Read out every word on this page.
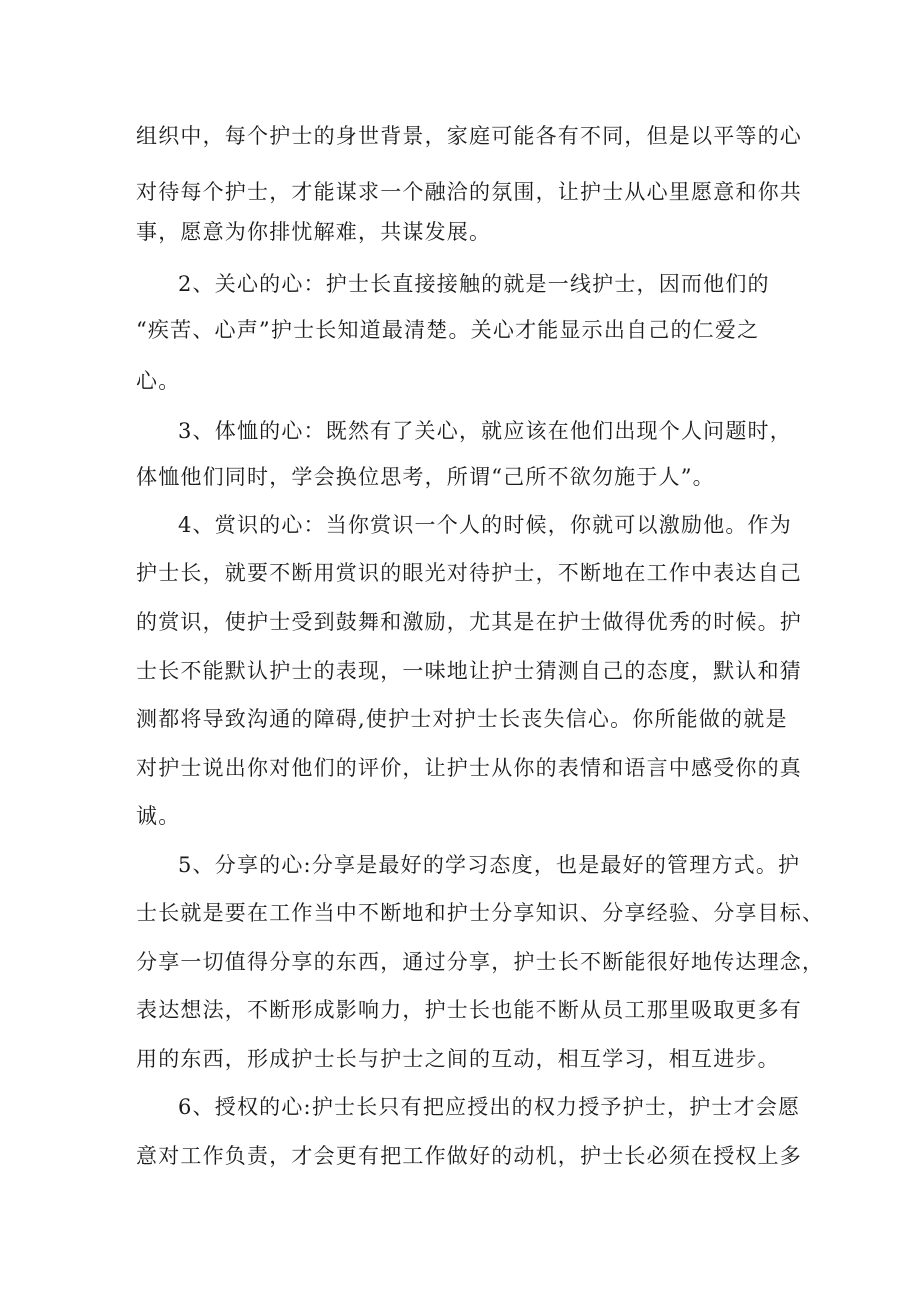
组织中，每个护士的身世背景，家庭可能各有不同，但是以平等的心
对待每个护士，才能谋求一个融洽的氛围，让护士从心里愿意和你共
事，愿意为你排忧解难，共谋发展。
2、关心的心：护士长直接接触的就是一线护士，因而他们的
“疾苦、心声”护士长知道最清楚。关心才能显示出自己的仁爱之
心。
3、体恤的心：既然有了关心，就应该在他们出现个人问题时，
体恤他们同时，学会换位思考，所谓“己所不欲勿施于人”。
4、赏识的心：当你赏识一个人的时候，你就可以激励他。作为
护士长，就要不断用赏识的眼光对待护士，不断地在工作中表达自己
的赏识，使护士受到鼓舞和激励，尤其是在护士做得优秀的时候。护
士长不能默认护士的表现，一味地让护士猜测自己的态度，默认和猜
测都将导致沟通的障碍,使护士对护士长丧失信心。你所能做的就是
对护士说出你对他们的评价，让护士从你的表情和语言中感受你的真
诚。
5、分享的心:分享是最好的学习态度，也是最好的管理方式。护
士长就是要在工作当中不断地和护士分享知识、分享经验、分享目标、
分享一切值得分享的东西，通过分享，护士长不断能很好地传达理念，
表达想法，不断形成影响力，护士长也能不断从员工那里吸取更多有
用的东西，形成护士长与护士之间的互动，相互学习，相互进步。
6、授权的心:护士长只有把应授出的权力授予护士，护士才会愿
意对工作负责，才会更有把工作做好的动机，护士长必须在授权上多
